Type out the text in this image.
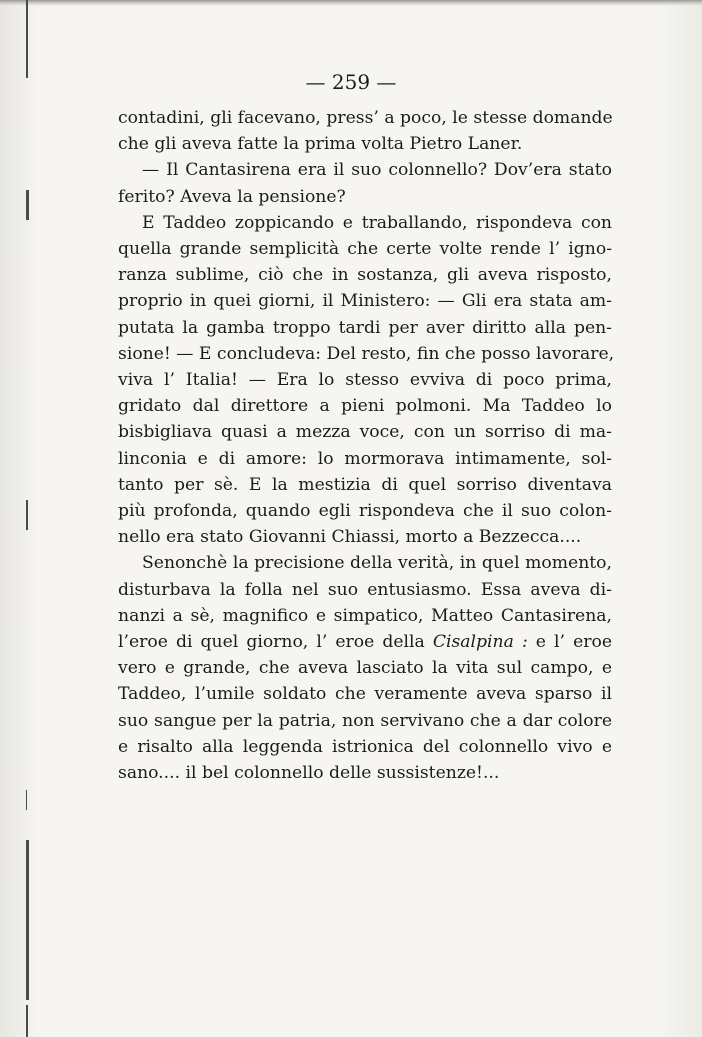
— 259 —
contadini, gli facevano, press’ a poco, le stesse domande
che gli aveva fatte la prima volta Pietro Laner.
— Il Cantasirena era il suo colonnello? Dov’era stato
ferito? Aveva la pensione?
E Taddeo zoppicando e traballando, rispondeva con
quella grande semplicità che certe volte rende l’ igno-
ranza sublime, ciò che in sostanza, gli aveva risposto,
proprio in quei giorni, il Ministero: — Gli era stata am-
putata la gamba troppo tardi per aver diritto alla pen-
sione! — E concludeva: Del resto, fin che posso lavorare,
viva l’ Italia! — Era lo stesso evviva di poco prima,
gridato dal direttore a pieni polmoni. Ma Taddeo lo
bisbigliava quasi a mezza voce, con un sorriso di ma-
linconia e di amore: lo mormorava intimamente, sol-
tanto per sè. E la mestizia di quel sorriso diventava
più profonda, quando egli rispondeva che il suo colon-
nello era stato Giovanni Chiassi, morto a Bezzecca....
Senonchè la precisione della verità, in quel momento,
disturbava la folla nel suo entusiasmo. Essa aveva di-
nanzi a sè, magnifico e simpatico, Matteo Cantasirena,
l’eroe di quel giorno, l’ eroe della Cisalpina : e l’ eroe
vero e grande, che aveva lasciato la vita sul campo, e
Taddeo, l’umile soldato che veramente aveva sparso il
suo sangue per la patria, non servivano che a dar colore
e risalto alla leggenda istrionica del colonnello vivo e
sano.... il bel colonnello delle sussistenze!...
